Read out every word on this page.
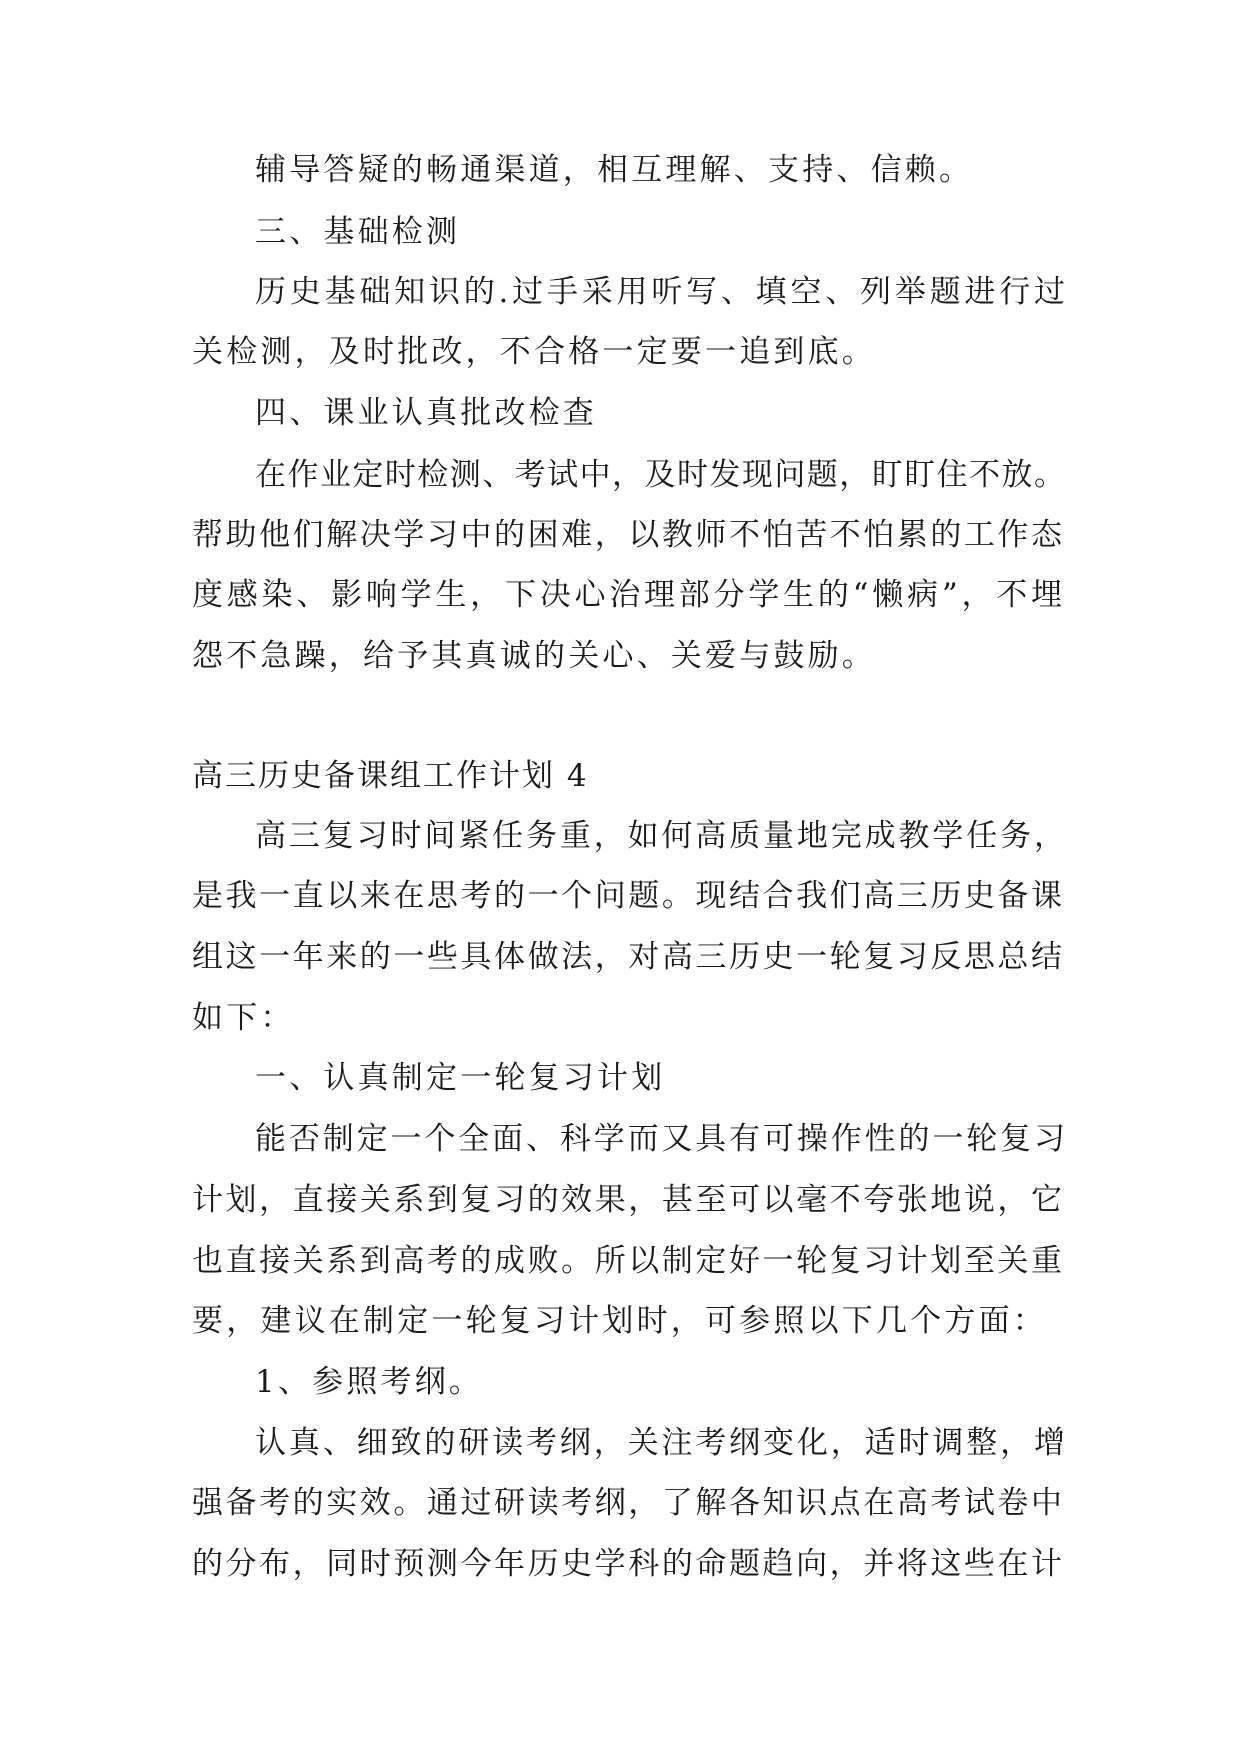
辅导答疑的畅通渠道，相互理解、支持、信赖。
三、基础检测
历史基础知识的.过手采用听写、填空、列举题进行过
关检测，及时批改，不合格一定要一追到底。
四、课业认真批改检查
在作业定时检测、考试中，及时发现问题，盯盯住不放。
帮助他们解决学习中的困难，以教师不怕苦不怕累的工作态
度感染、影响学生，下决心治理部分学生的“懒病”，不埋
怨不急躁，给予其真诚的关心、关爱与鼓励。
高三历史备课组工作计划 4
高三复习时间紧任务重，如何高质量地完成教学任务，
是我一直以来在思考的一个问题。现结合我们高三历史备课
组这一年来的一些具体做法，对高三历史一轮复习反思总结
如下：
一、认真制定一轮复习计划
能否制定一个全面、科学而又具有可操作性的一轮复习
计划，直接关系到复习的效果，甚至可以毫不夸张地说，它
也直接关系到高考的成败。所以制定好一轮复习计划至关重
要，建议在制定一轮复习计划时，可参照以下几个方面：
1、参照考纲。
认真、细致的研读考纲，关注考纲变化，适时调整，增
强备考的实效。通过研读考纲，了解各知识点在高考试卷中
的分布，同时预测今年历史学科的命题趋向，并将这些在计
